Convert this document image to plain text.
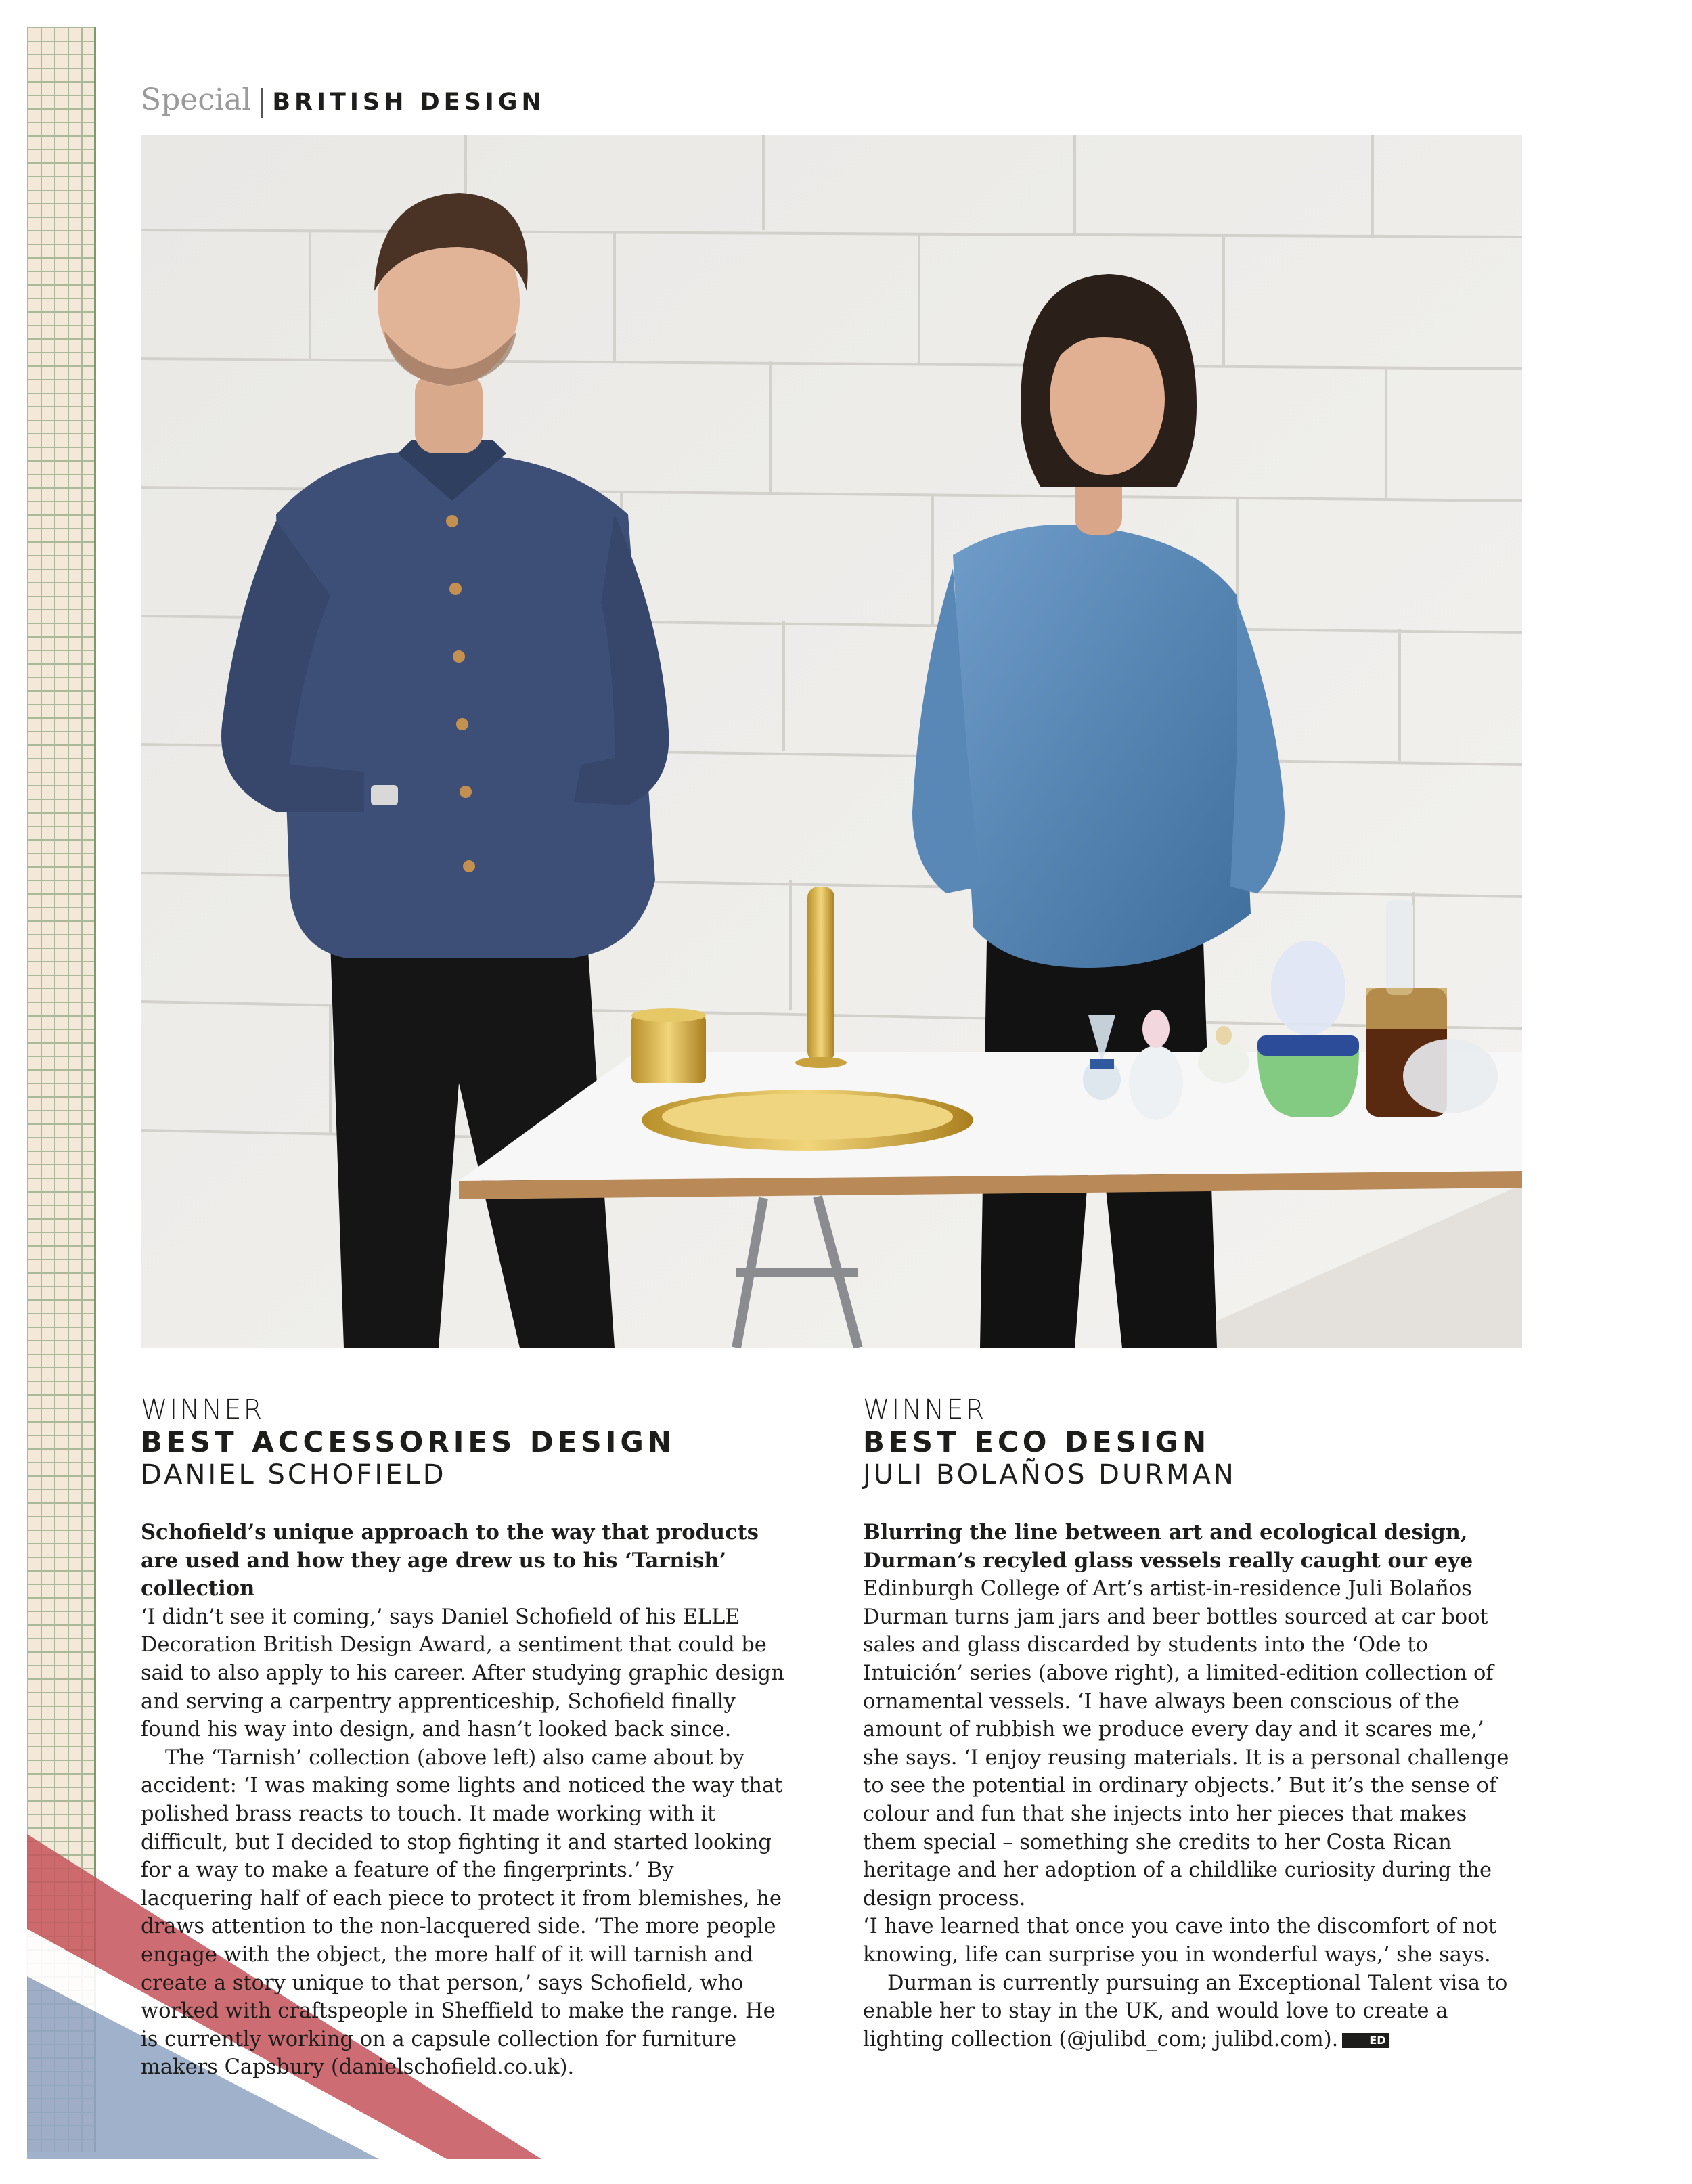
Special BRITISH DESIGN
WINNER
BEST ACCESSORIES DESIGN
DANIEL SCHOFIELD

Schofield’s unique approach to the way that products are used and how they age drew us to his ‘Tarnish’ collection

‘I didn’t see it coming,’ says Daniel Schofield of his ELLE Decoration British Design Award, a sentiment that could be said to also apply to his career. After studying graphic design and serving a carpentry apprenticeship, Schofield finally found his way into design, and hasn’t looked back since.

The ‘Tarnish’ collection (above left) also came about by accident: ‘I was making some lights and noticed the way that polished brass reacts to touch. It made working with it difficult, but I decided to stop fighting it and started looking for a way to make a feature of the fingerprints.’ By lacquering half of each piece to protect it from blemishes, he draws attention to the non-lacquered side. ‘The more people engage with the object, the more half of it will tarnish and create a story unique to that person,’ says Schofield, who worked with craftspeople in Sheffield to make the range. He is currently working on a capsule collection for furniture makers Capsbury (danielschofield.co.uk).

WINNER
BEST ECO DESIGN
JULI BOLAÑOS DURMAN

Blurring the line between art and ecological design, Durman’s recyled glass vessels really caught our eye

Edinburgh College of Art’s artist-in-residence Juli Bolaños Durman turns jam jars and beer bottles sourced at car boot sales and glass discarded by students into the ‘Ode to Intuición’ series (above right), a limited-edition collection of ornamental vessels. ‘I have always been conscious of the amount of rubbish we produce every day and it scares me,’ she says. ‘I enjoy reusing materials. It is a personal challenge to see the potential in ordinary objects.’ But it’s the sense of colour and fun that she injects into her pieces that makes them special – something she credits to her Costa Rican heritage and her adoption of a childlike curiosity during the design process.

‘I have learned that once you cave into the discomfort of not knowing, life can surprise you in wonderful ways,’ she says.

Durman is currently pursuing an Exceptional Talent visa to enable her to stay in the UK, and would love to create a lighting collection (@julibd_com; julibd.com).	ED
